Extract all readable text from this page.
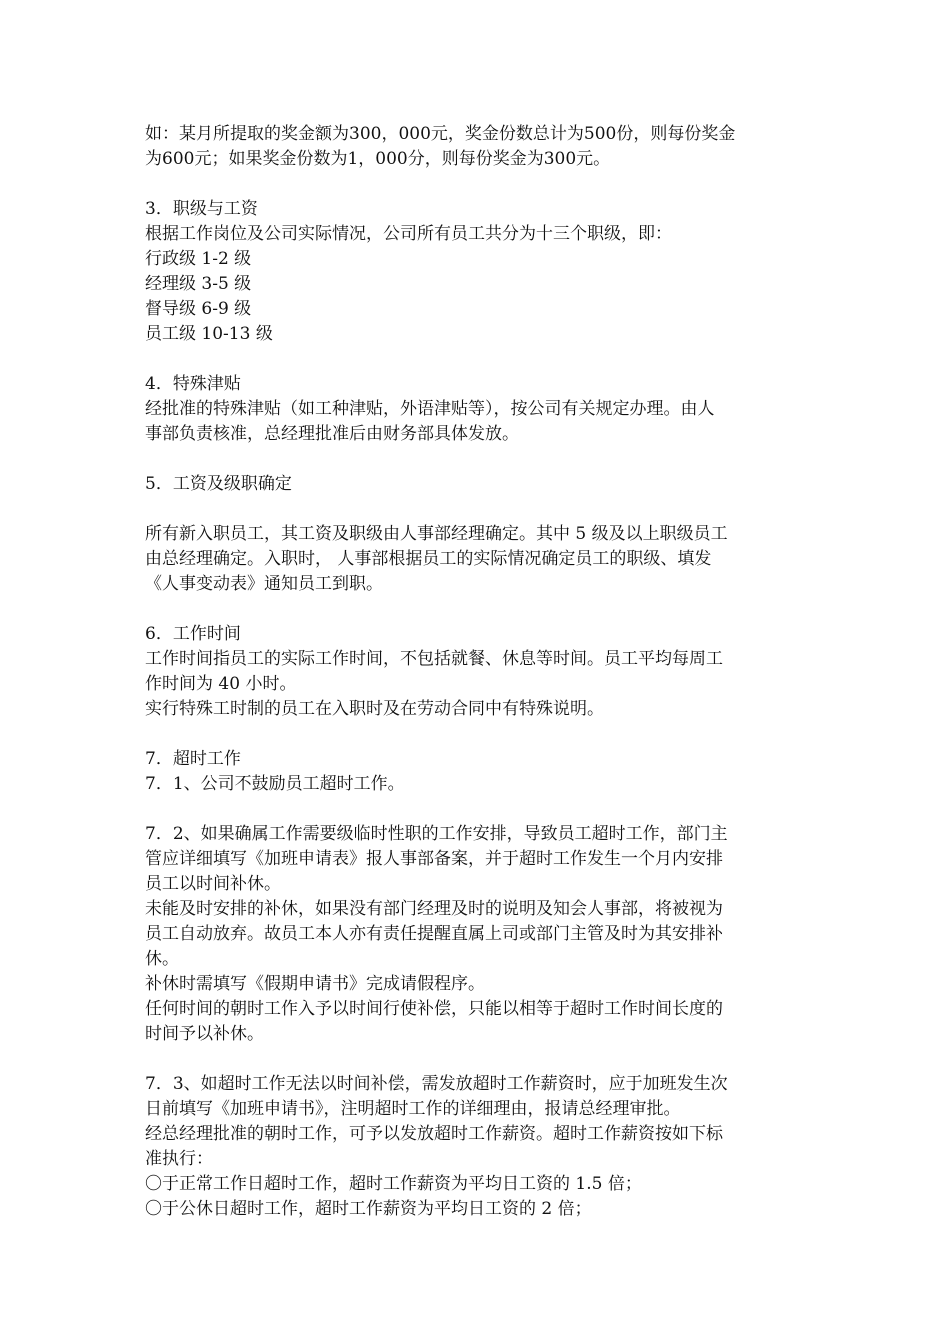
如：某月所提取的奖金额为300，000元，奖金份数总计为500份，则每份奖金
为600元；如果奖金份数为1，000分，则每份奖金为300元。
3．职级与工资
根据工作岗位及公司实际情况，公司所有员工共分为十三个职级，即：
行政级 1-2 级
经理级 3-5 级
督导级 6-9 级
员工级 10-13 级
4．特殊津贴
经批准的特殊津贴（如工种津贴，外语津贴等），按公司有关规定办理。由人
事部负责核准，总经理批准后由财务部具体发放。
5．工资及级职确定
所有新入职员工，其工资及职级由人事部经理确定。其中 5 级及以上职级员工
由总经理确定。入职时， 人事部根据员工的实际情况确定员工的职级、填发
《人事变动表》通知员工到职。
6．工作时间
工作时间指员工的实际工作时间，不包括就餐、休息等时间。员工平均每周工
作时间为 40 小时。
实行特殊工时制的员工在入职时及在劳动合同中有特殊说明。
7．超时工作
7．1、公司不鼓励员工超时工作。
7．2、如果确属工作需要级临时性职的工作安排，导致员工超时工作，部门主
管应详细填写《加班申请表》报人事部备案，并于超时工作发生一个月内安排
员工以时间补休。
未能及时安排的补休，如果没有部门经理及时的说明及知会人事部，将被视为
员工自动放弃。故员工本人亦有责任提醒直属上司或部门主管及时为其安排补
休。
补休时需填写《假期申请书》完成请假程序。
任何时间的朝时工作入予以时间行使补偿，只能以相等于超时工作时间长度的
时间予以补休。
7．3、如超时工作无法以时间补偿，需发放超时工作薪资时，应于加班发生次
日前填写《加班申请书》，注明超时工作的详细理由，报请总经理审批。
经总经理批准的朝时工作，可予以发放超时工作薪资。超时工作薪资按如下标
准执行：
〇于正常工作日超时工作，超时工作薪资为平均日工资的 1.5 倍；
〇于公休日超时工作，超时工作薪资为平均日工资的 2 倍；
